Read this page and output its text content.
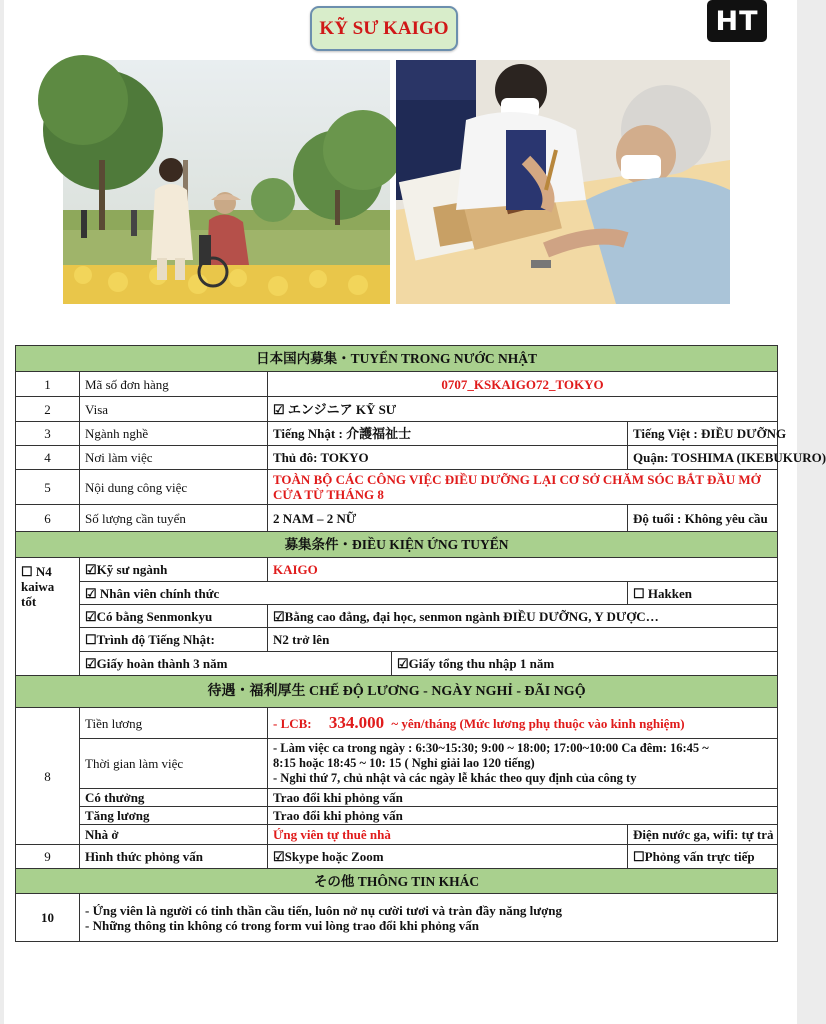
KỸ SƯ KAIGO	HT
日本国内募集・TUYỂN TRONG NƯỚC NHẬT				
1	Mã số đơn hàng	0707_KSKAIGO72_TOKYO		
2	Visa	☑ エンジニア KỸ SƯ		
3	Ngành nghề	Tiếng Nhật : 介護福祉士		Tiếng Việt : ĐIỀU DƯỠNG
4	Nơi làm việc	Thủ đô: TOKYO		Quận: TOSHIMA (IKEBUKURO)
5	Nội dung công việc	TOÀN BỘ CÁC CÔNG VIỆC ĐIỀU DƯỠNG LẠI CƠ SỞ CHĂM SÓC BẮT ĐẦU MỞ CỬA TỪ THÁNG 8		
6	Số lượng cần tuyển	2 NAM – 2 NỮ		Độ tuổi : Không yêu cầu
募集条件・ĐIỀU KIỆN ỨNG TUYỂN				

☐ N4
kaiwa
tốt	☑Kỹ sư ngành	KAIGO		
	☑ Nhân viên chính thức			☐ Hakken
	☑Có bằng Senmonkyu	☑Bằng cao đẳng, đại học, senmon ngành ĐIỀU DƯỠNG, Y DƯỢC…		
	☐Trình độ Tiếng Nhật:	N2 trở lên		
	☑Giấy hoàn thành 3 năm		☑Giấy tổng thu nhập 1 năm	
待遇・福利厚生 CHẾ ĐỘ LƯƠNG - NGÀY NGHỈ - ĐÃI NGỘ				
8	Tiền lương	- LCB: 334.000 ~ yên/tháng (Mức lương phụ thuộc vào kinh nghiệm)		
	Thời gian làm việc	- Làm việc ca trong ngày : 6:30~15:30; 9:00 ~ 18:00; 17:00~10:00 Ca đêm: 16:45 ~
8:15 hoặc 18:45 ~ 10: 15 ( Nghỉ giải lao 120 tiếng)
- Nghỉ thứ 7, chủ nhật và các ngày lễ khác theo quy định của công ty		

	Có thưởng	Trao đổi khi phỏng vấn		
	Tăng lương	Trao đổi khi phỏng vấn		
	Nhà ở	Ứng viên tự thuê nhà		Điện nước ga, wifi: tự trả
9	Hình thức phỏng vấn	☑Skype hoặc Zoom		☐Phỏng vấn trực tiếp
その他 THÔNG TIN KHÁC				
10	- Ứng viên là người có tinh thần cầu tiến, luôn nở nụ cười tươi và tràn đầy năng lượng
- Những thông tin không có trong form vui lòng trao đổi khi phỏng vấn			
